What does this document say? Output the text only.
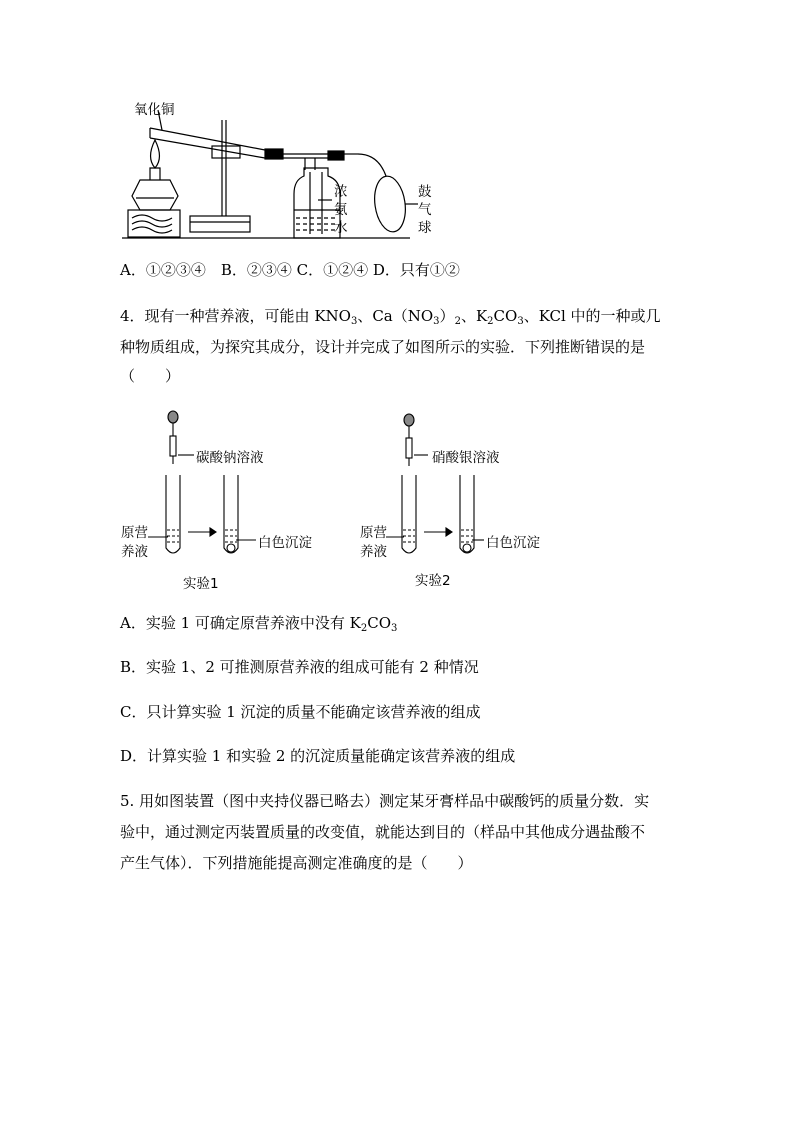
氧化铜
浓
氨
水
鼓
气
球
A．①②③④　B．②③④ C．①②④ D．只有①②
4．现有一种营养液，可能由 $KNO_3$、$Ca(NO_3)_2$、$K_2CO_3$、KCl 中的一种或几
种物质组成，为探究其成分，设计并完成了如图所示的实验．下列推断错误的是
（　　）
碳酸钠溶液	硝酸银溶液
原营
养液
原营
养液
白色沉淀	白色沉淀
实验1	实验2
A．实验 1 可确定原营养液中没有 $K_2CO_3$
B．实验 1、2 可推测原营养液的组成可能有 2 种情况
C．只计算实验 1 沉淀的质量不能确定该营养液的组成
D．计算实验 1 和实验 2 的沉淀质量能确定该营养液的组成
5. 用如图装置（图中夹持仪器已略去）测定某牙膏样品中碳酸钙的质量分数．实
验中，通过测定丙装置质量的改变值，就能达到目的（样品中其他成分遇盐酸不
产生气体）．下列措施能提高测定准确度的是（　　）
